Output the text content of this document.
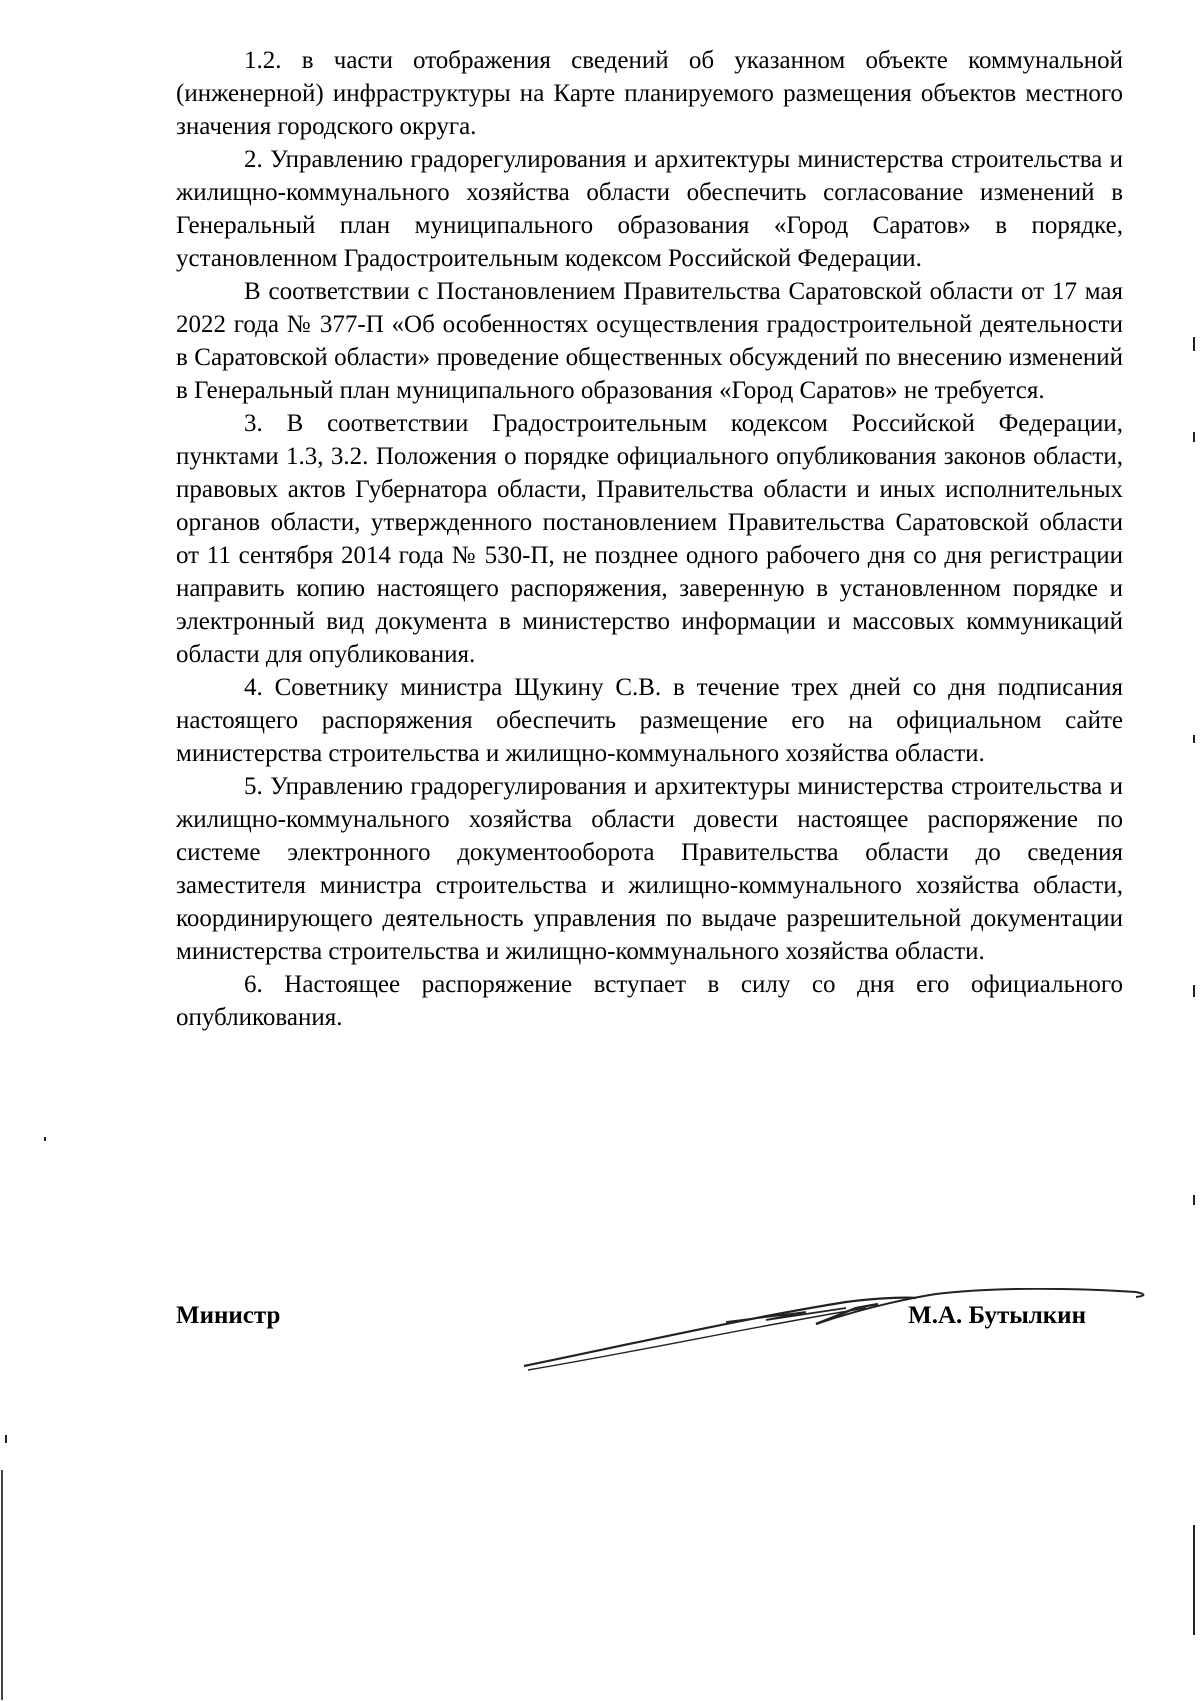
1.2. в части отображения сведений об указанном объекте коммунальной (инженерной) инфраструктуры на Карте планируемого размещения объектов местного значения городского округа.

2. Управлению градорегулирования и архитектуры министерства строительства и жилищно-коммунального хозяйства области обеспечить согласование изменений в Генеральный план муниципального образования «Город Саратов» в порядке, установленном Градостроительным кодексом Российской Федерации.

В соответствии с Постановлением Правительства Саратовской области от 17 мая 2022 года № 377-П «Об особенностях осуществления градостроительной деятельности в Саратовской области» проведение общественных обсуждений по внесению изменений в Генеральный план муниципального образования «Город Саратов» не требуется.

3. В соответствии Градостроительным кодексом Российской Федерации, пунктами 1.3, 3.2. Положения о порядке официального опубликования законов области, правовых актов Губернатора области, Правительства области и иных исполнительных органов области, утвержденного постановлением Правительства Саратовской области от 11 сентября 2014 года № 530-П, не позднее одного рабочего дня со дня регистрации направить копию настоящего распоряжения, заверенную в установленном порядке и электронный вид документа в министерство информации и массовых коммуникаций области для опубликования.

4. Советнику министра Щукину С.В. в течение трех дней со дня подписания настоящего распоряжения обеспечить размещение его на официальном сайте министерства строительства и жилищно-коммунального хозяйства области.

5. Управлению градорегулирования и архитектуры министерства строительства и жилищно-коммунального хозяйства области довести настоящее распоряжение по системе электронного документооборота Правительства области до сведения заместителя министра строительства и жилищно-коммунального хозяйства области, координирующего деятельность управления по выдаче разрешительной документации министерства строительства и жилищно-коммунального хозяйства области.

6. Настоящее распоряжение вступает в силу со дня его официального опубликования.

Министр	М.А. Бутылкин
